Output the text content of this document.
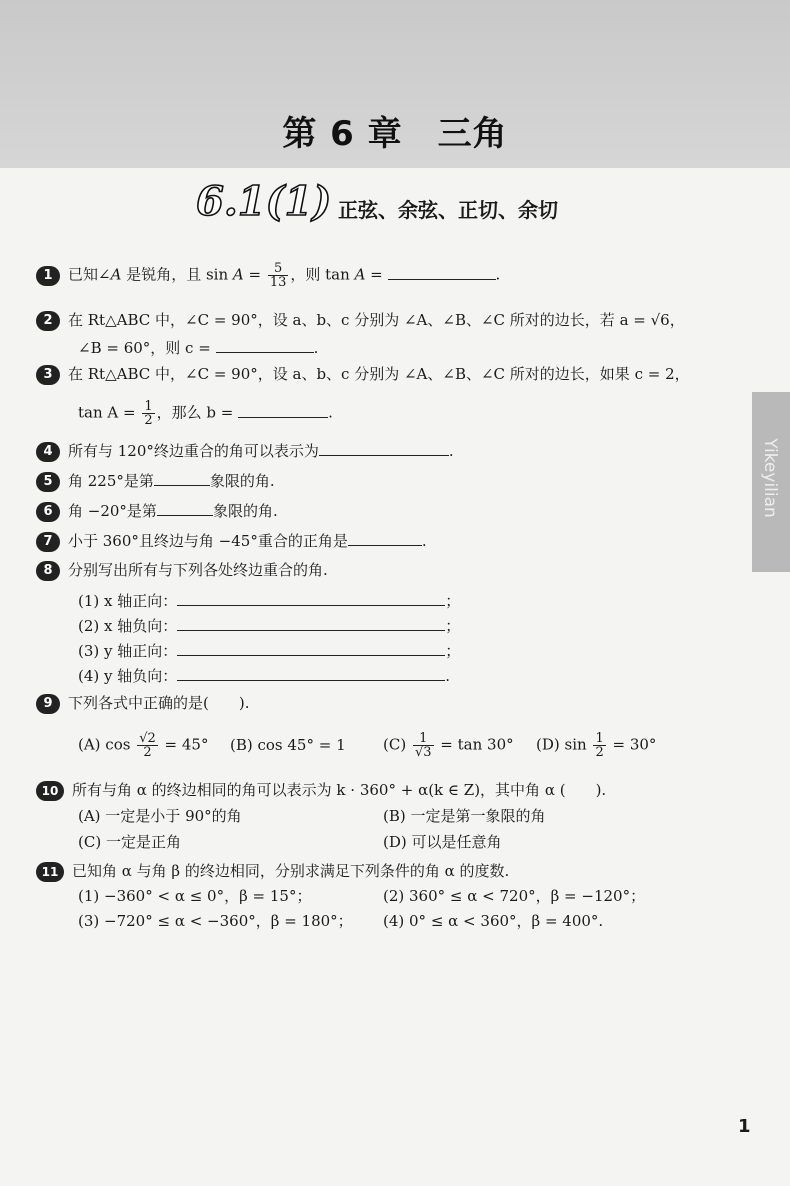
第 6 章　三角
6.1(1) 正弦、余弦、正切、余切
Yikeyilian
1 已知∠A 是锐角，且 $\sin A = \frac{5}{13}$ ，则 tan A =	.
2 在 Rt△ABC 中，∠C = 90°，设 a、b、c 分别为 ∠A、∠B、∠C 所对的边长，若 a = √6，
∠B = 60°，则 c =	.
3 在 Rt△ABC 中，∠C = 90°，设 a、b、c 分别为 ∠A、∠B、∠C 所对的边长，如果 c = 2，
$\tan A = \frac{1}{2}$ ，那么 b =	.
4 所有与 120°终边重合的角可以表示为	.
5 角 225°是第	象限的角.
6 角 −20°是第	象限的角.
7 小于 360°且终边与角 −45°重合的正角是	.
8 分别写出所有与下列各处终边重合的角.
(1) x 轴正向：	；
(2) x 轴负向：	；
(3) y 轴正向：	；
(4) y 轴负向：	.
9 下列各式中正确的是(　　).
(A) $\cos \frac{√2}{2} = 45^\circ$ (B) cos 45° = 1 $(C) \frac{1}{√3} = \tan 30^\circ$ (D) $\sin \frac{1}{2} = 30^\circ$
10 所有与角 α 的终边相同的角可以表示为 k · 360° + α(k ∈ Z)，其中角 α (　　).
(A) 一定是小于 90°的角	(B) 一定是第一象限的角
(C) 一定是正角	(D) 可以是任意角
11 已知角 α 与角 β 的终边相同，分别求满足下列条件的角 α 的度数.
(1) −360° < α ≤ 0°，β = 15°；	(2) 360° ≤ α < 720°，β = −120°；
(3) −720° ≤ α < −360°，β = 180°； (4) 0° ≤ α < 360°，β = 400°.
1
